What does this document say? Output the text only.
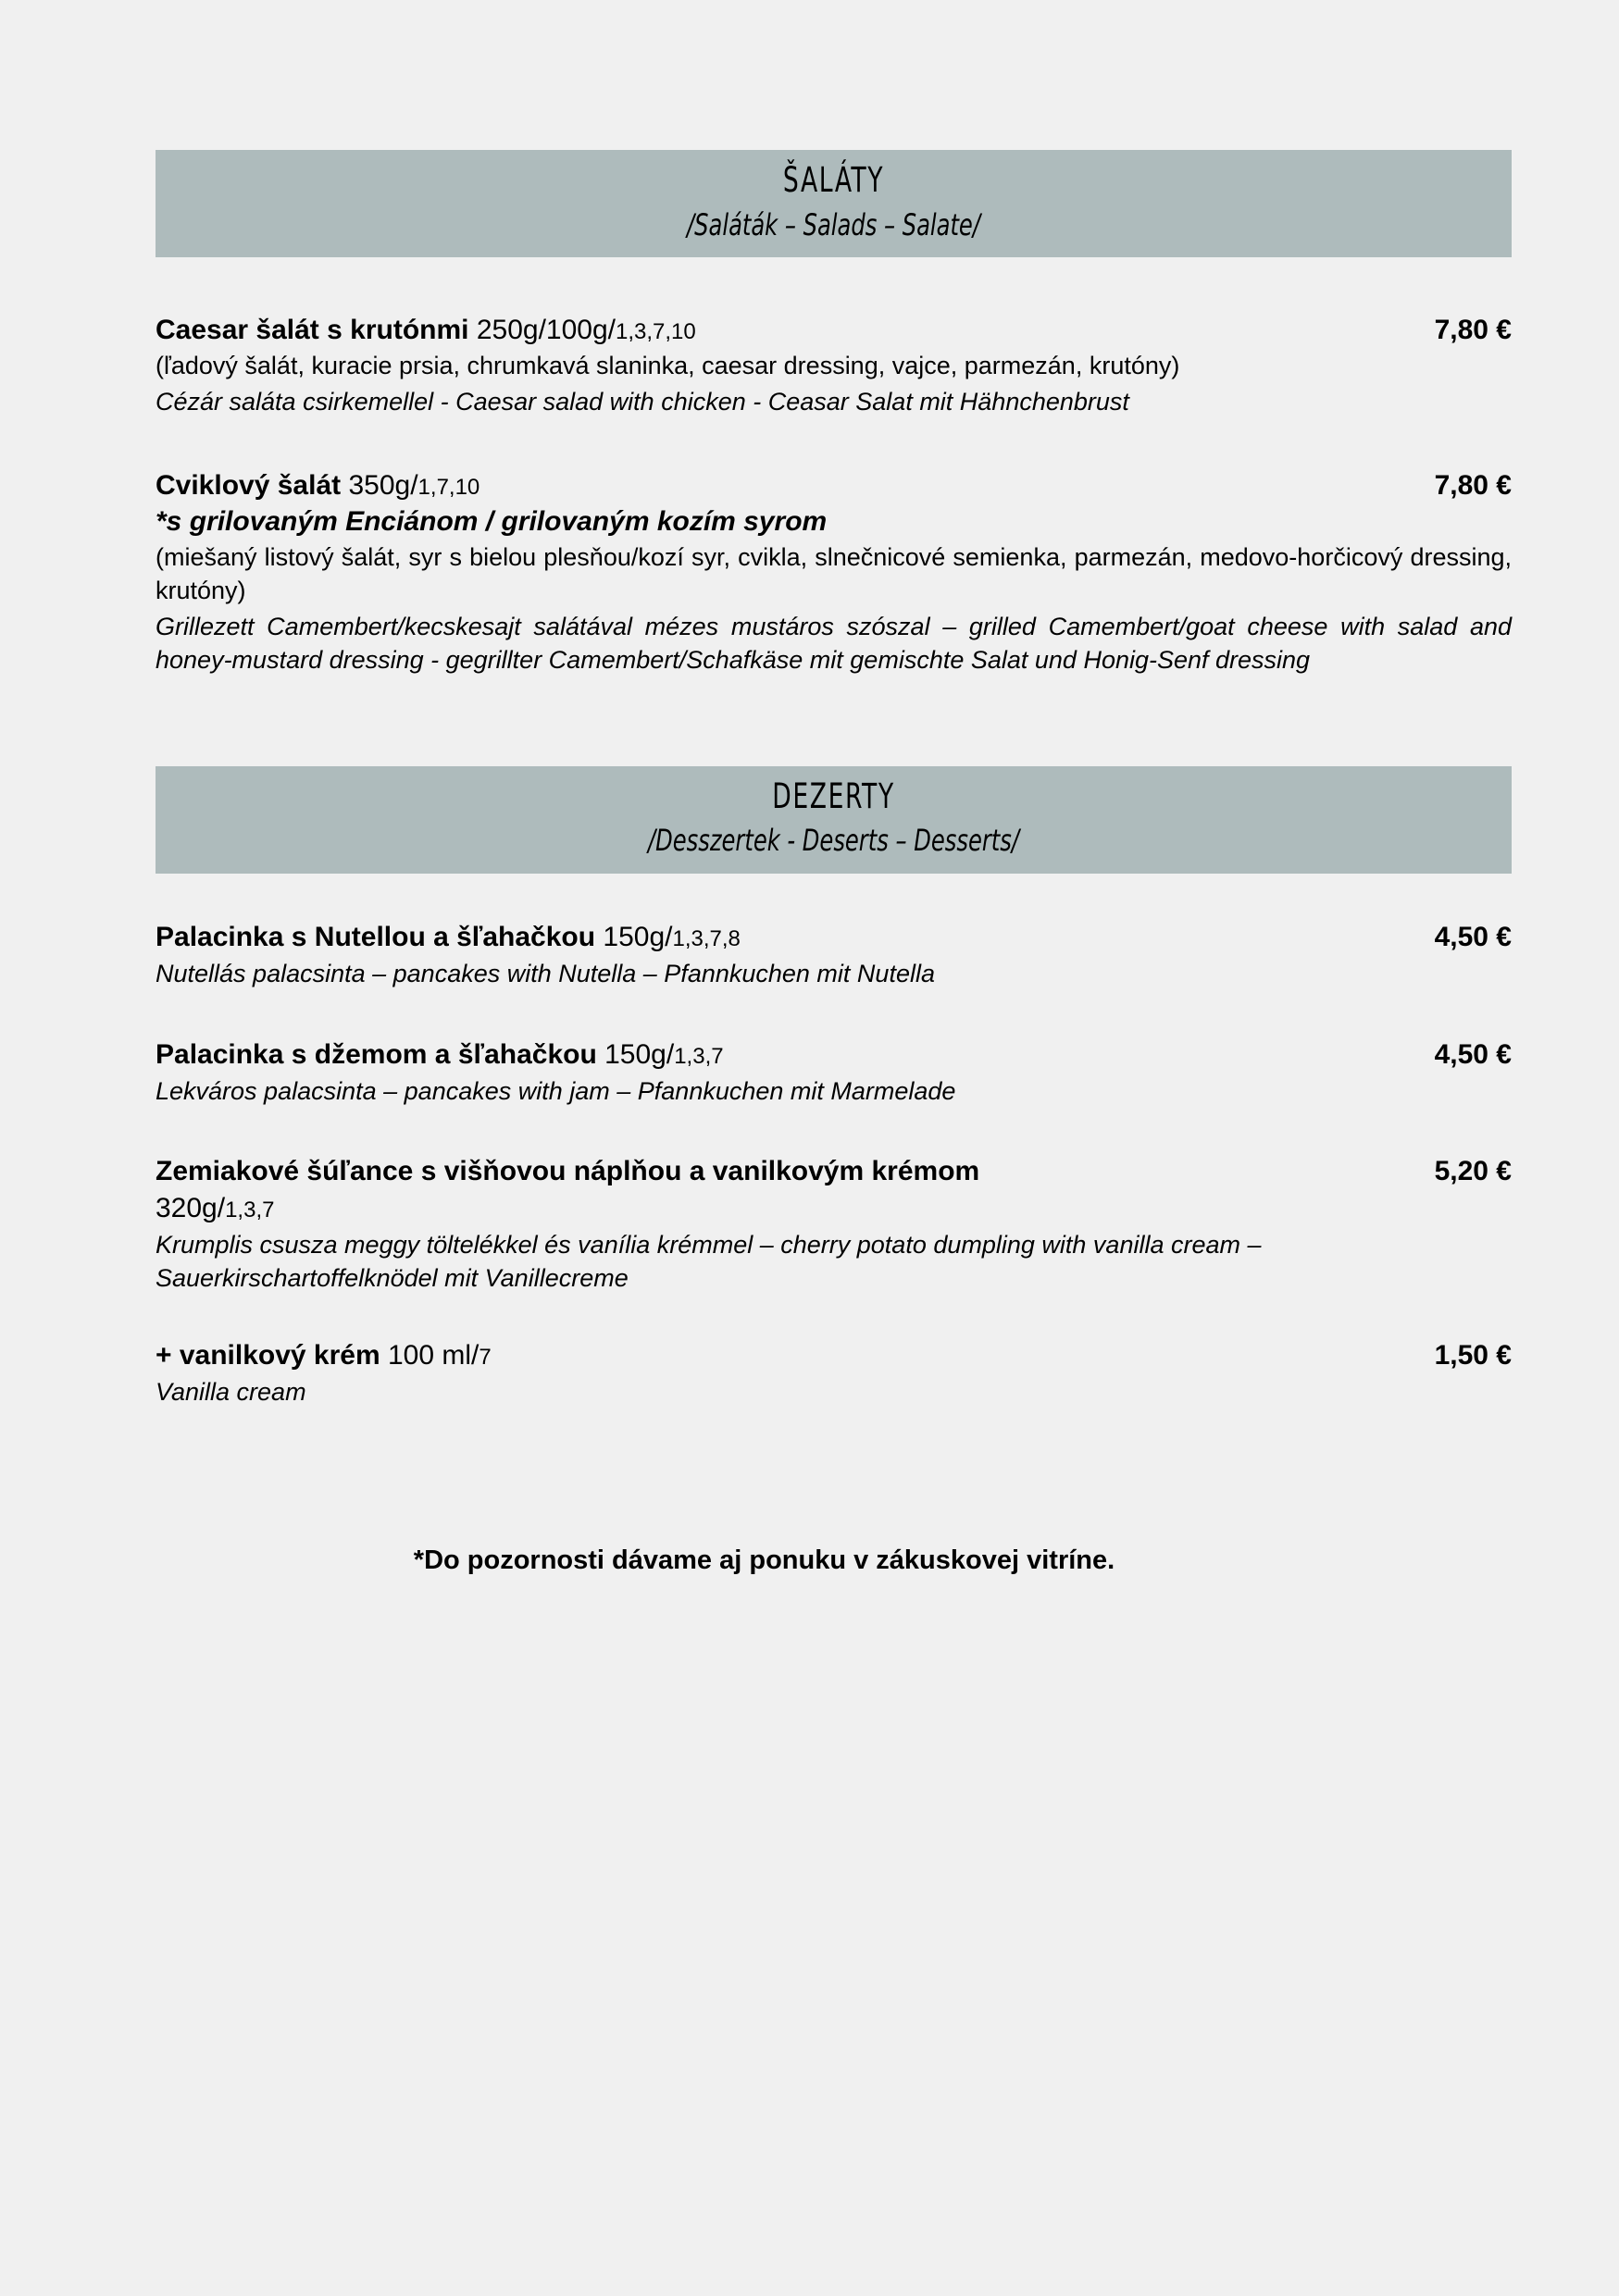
ŠALÁTY
/Saláták – Salads – Salate/
Caesar šalát s krutónmi 250g/100g/1,3,7,10	7,80 €
(ľadový šalát, kuracie prsia, chrumkavá slaninka, caesar dressing, vajce, parmezán, krutóny)
Cézár saláta csirkemellel - Caesar salad with chicken - Ceasar Salat mit Hähnchenbrust
Cviklový šalát 350g/1,7,10	7,80 €
*s grilovaným Enciánom / grilovaným kozím syrom
(miešaný listový šalát, syr s bielou plesňou/kozí syr, cvikla, slnečnicové semienka, parmezán, medovo-horčicový dressing, krutóny)
Grillezett Camembert/kecskesajt salátával mézes mustáros szószal – grilled Camembert/goat cheese with salad and honey-mustard dressing - gegrillter Camembert/Schafkäse mit gemischte Salat und Honig-Senf dressing
DEZERTY
/Desszertek - Deserts – Desserts/
Palacinka s Nutellou a šľahačkou 150g/1,3,7,8	4,50 €
Nutellás palacsinta – pancakes with Nutella – Pfannkuchen mit Nutella
Palacinka s džemom a šľahačkou 150g/1,3,7	4,50 €
Lekváros palacsinta – pancakes with jam – Pfannkuchen mit Marmelade
Zemiakové šúľance s višňovou náplňou a vanilkovým krémom	5,20 €
320g/1,3,7
Krumplis csusza meggy töltelékkel és vanília krémmel – cherry potato dumpling with vanilla cream – Sauerkirschartoffelknödel mit Vanillecreme
+ vanilkový krém 100 ml/7	1,50 €
Vanilla cream
*Do pozornosti dávame aj ponuku v zákuskovej vitríne.
